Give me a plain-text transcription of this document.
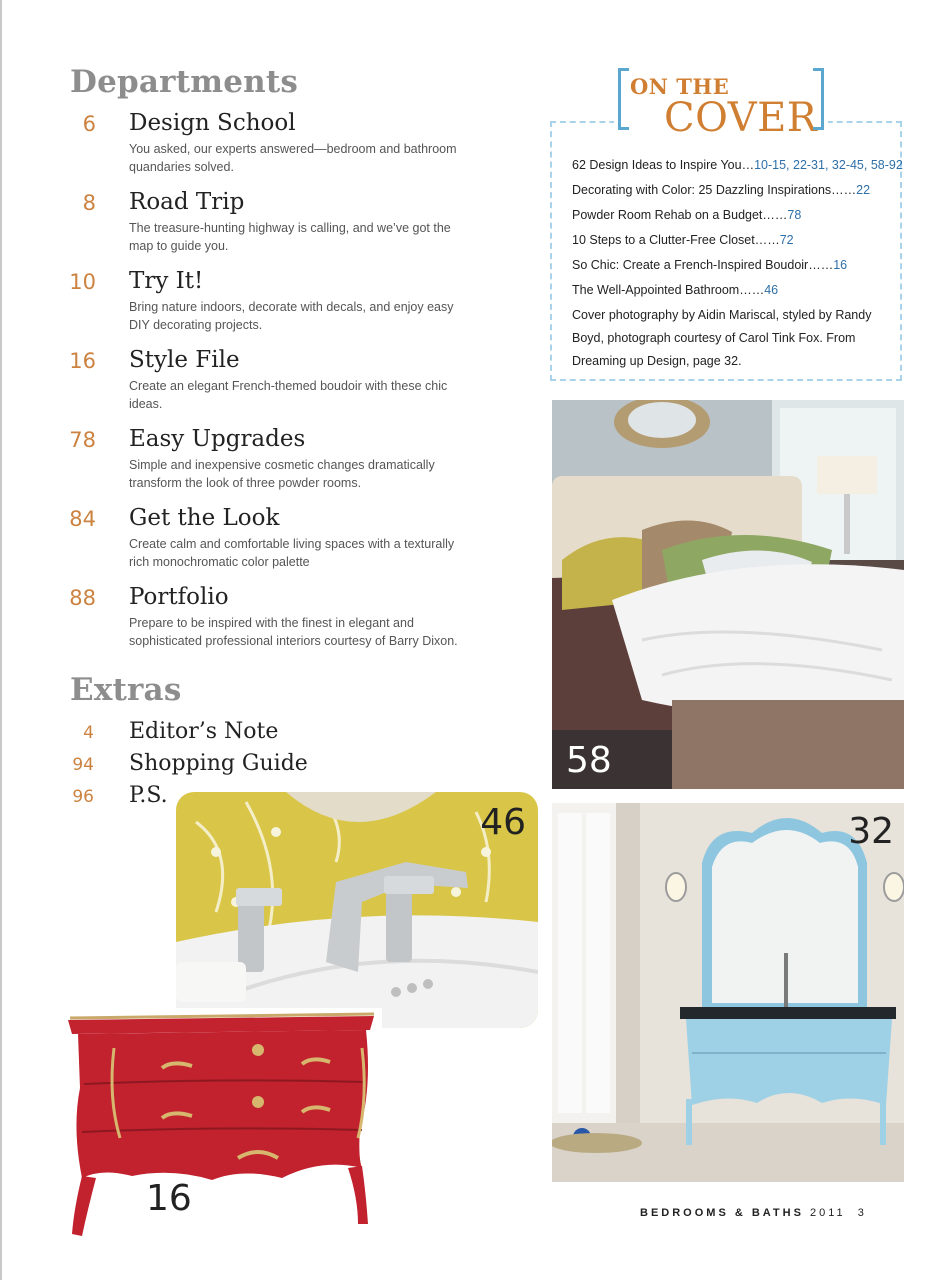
Departments
6 Design School
You asked, our experts answered—bedroom and bathroom quandaries solved.
8 Road Trip
The treasure-hunting highway is calling, and we’ve got the map to guide you.
10 Try It!
Bring nature indoors, decorate with decals, and enjoy easy DIY decorating projects.
16 Style File
Create an elegant French-themed boudoir with these chic ideas.
78 Easy Upgrades
Simple and inexpensive cosmetic changes dramatically transform the look of three powder rooms.
84 Get the Look
Create calm and comfortable living spaces with a texturally rich monochromatic color palette
88 Portfolio
Prepare to be inspired with the finest in elegant and sophisticated professional interiors courtesy of Barry Dixon.
Extras
4 Editor’s Note
94 Shopping Guide
96 P.S.
ON THE
COVER
62 Design Ideas to Inspire You…10-15, 22-31, 32-45, 58-92
Decorating with Color: 25 Dazzling Inspirations……22
Powder Room Rehab on a Budget……78
10 Steps to a Clutter-Free Closet……72
So Chic: Create a French-Inspired Boudoir……16
The Well-Appointed Bathroom……46
Cover photography by Aidin Mariscal, styled by Randy Boyd, photograph courtesy of Carol Tink Fox. From Dreaming up Design, page 32.
58
32
46
16	BEDROOMS & BATHS 2011 3
